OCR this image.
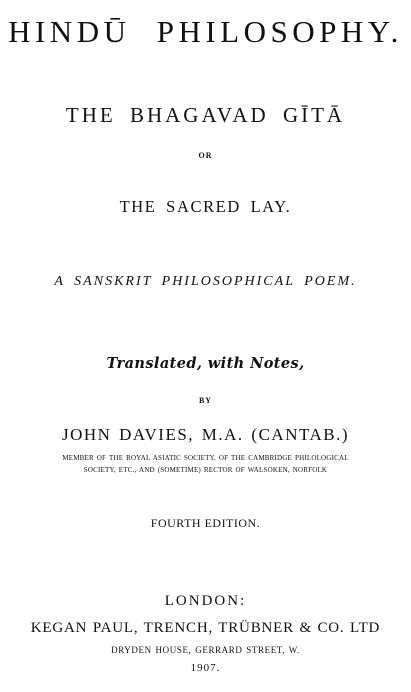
HINDŪ PHILOSOPHY.
THE BHAGAVAD GĪTĀ
OR
THE SACRED LAY.
A SANSKRIT PHILOSOPHICAL POEM.
Translated, with Notes,
BY
JOHN DAVIES, M.A. (CANTAB.)
MEMBER OF THE ROYAL ASIATIC SOCIETY, OF THE CAMBRIDGE PHILOLOGICAL
SOCIETY, ETC., AND (SOMETIME) RECTOR OF WALSOKEN, NORFOLK
FOURTH EDITION.
LONDON:
KEGAN PAUL, TRENCH, TRÜBNER & CO. LTD
DRYDEN HOUSE, GERRARD STREET, W.
1907.
